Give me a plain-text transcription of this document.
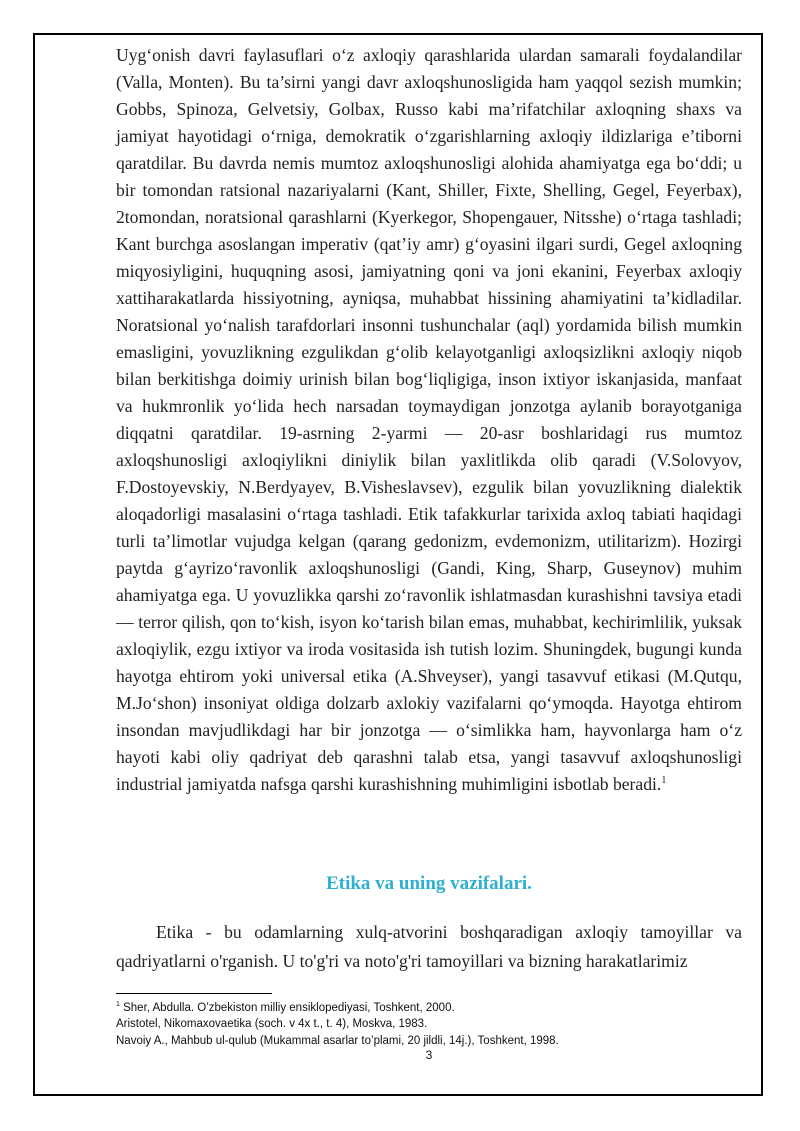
Uyg‘onish davri faylasuflari o‘z axloqiy qarashlarida ulardan samarali foydalandilar (Valla, Monten). Bu ta’sirni yangi davr axloqshunosligida ham yaqqol sezish mumkin; Gobbs, Spinoza, Gelvetsiy, Golbax, Russo kabi ma’rifatchilar axloqning shaxs va jamiyat hayotidagi o‘rniga, demokratik o‘zgarishlarning axloqiy ildizlariga e’tiborni qaratdilar. Bu davrda nemis mumtoz axloqshunosligi alohida ahamiyatga ega bo‘ddi; u bir tomondan ratsional nazariyalarni (Kant, Shiller, Fixte, Shelling, Gegel, Feyerbax), 2tomondan, noratsional qarashlarni (Kyerkegor, Shopengauer, Nitsshe) o‘rtaga tashladi; Kant burchga asoslangan imperativ (qat’iy amr) g‘oyasini ilgari surdi, Gegel axloqning miqyosiyligini, huquqning asosi, jamiyatning qoni va joni ekanini, Feyerbax axloqiy xattiharakatlarda hissiyotning, ayniqsa, muhabbat hissining ahamiyatini ta’kidladilar. Noratsional yo‘nalish tarafdorlari insonni tushunchalar (aql) yordamida bilish mumkin emasligini, yovuzlikning ezgulikdan g‘olib kelayotganligi axloqsizlikni axloqiy niqob bilan berkitishga doimiy urinish bilan bog‘liqligiga, inson ixtiyor iskanjasida, manfaat va hukmronlik yo‘lida hech narsadan toymaydigan jonzotga aylanib borayotganiga diqqatni qaratdilar. 19-asrning 2-yarmi — 20-asr boshlaridagi rus mumtoz axloqshunosligi axloqiylikni diniylik bilan yaxlitlikda olib qaradi (V.Solovyov, F.Dostoyevskiy, N.Berdyayev, B.Visheslavsev), ezgulik bilan yovuzlikning dialektik aloqadorligi masalasini o‘rtaga tashladi. Etik tafakkurlar tarixida axloq tabiati haqidagi turli ta’limotlar vujudga kelgan (qarang gedonizm, evdemonizm, utilitarizm). Hozirgi paytda g‘ayrizo‘ravonlik axloqshunosligi (Gandi, King, Sharp, Guseynov) muhim ahamiyatga ega. U yovuzlikka qarshi zo‘ravonlik ishlatmasdan kurashishni tavsiya etadi — terror qilish, qon to‘kish, isyon ko‘tarish bilan emas, muhabbat, kechirimlilik, yuksak axloqiylik, ezgu ixtiyor va iroda vositasida ish tutish lozim. Shuningdek, bugungi kunda hayotga ehtirom yoki universal etika (A.Shveyser), yangi tasavvuf etikasi (M.Qutqu, M.Jo‘shon) insoniyat oldiga dolzarb axlokiy vazifalarni qo‘ymoqda. Hayotga ehtirom insondan mavjudlikdagi har bir jonzotga — o‘simlikka ham, hayvonlarga ham o‘z hayoti kabi oliy qadriyat deb qarashni talab etsa, yangi tasavvuf axloqshunosligi industrial jamiyatda nafsga qarshi kurashishning muhimligini isbotlab beradi.$^1$

Etika va uning vazifalari.

Etika - bu odamlarning xulq-atvorini boshqaradigan axloqiy tamoyillar va qadriyatlarni o'rganish. U to'g'ri va noto'g'ri tamoyillari va bizning harakatlarimiz

$^1$ Sher, Abdulla. O’zbekiston milliy ensiklopediyasi, Toshkent, 2000.
Aristotel, Nikomaxovaetika (soch. v 4x t., t. 4), Moskva, 1983.
Navoiy A., Mahbub ul-qulub (Mukammal asarlar to’plami, 20 jildli, 14j.), Toshkent, 1998.
3
